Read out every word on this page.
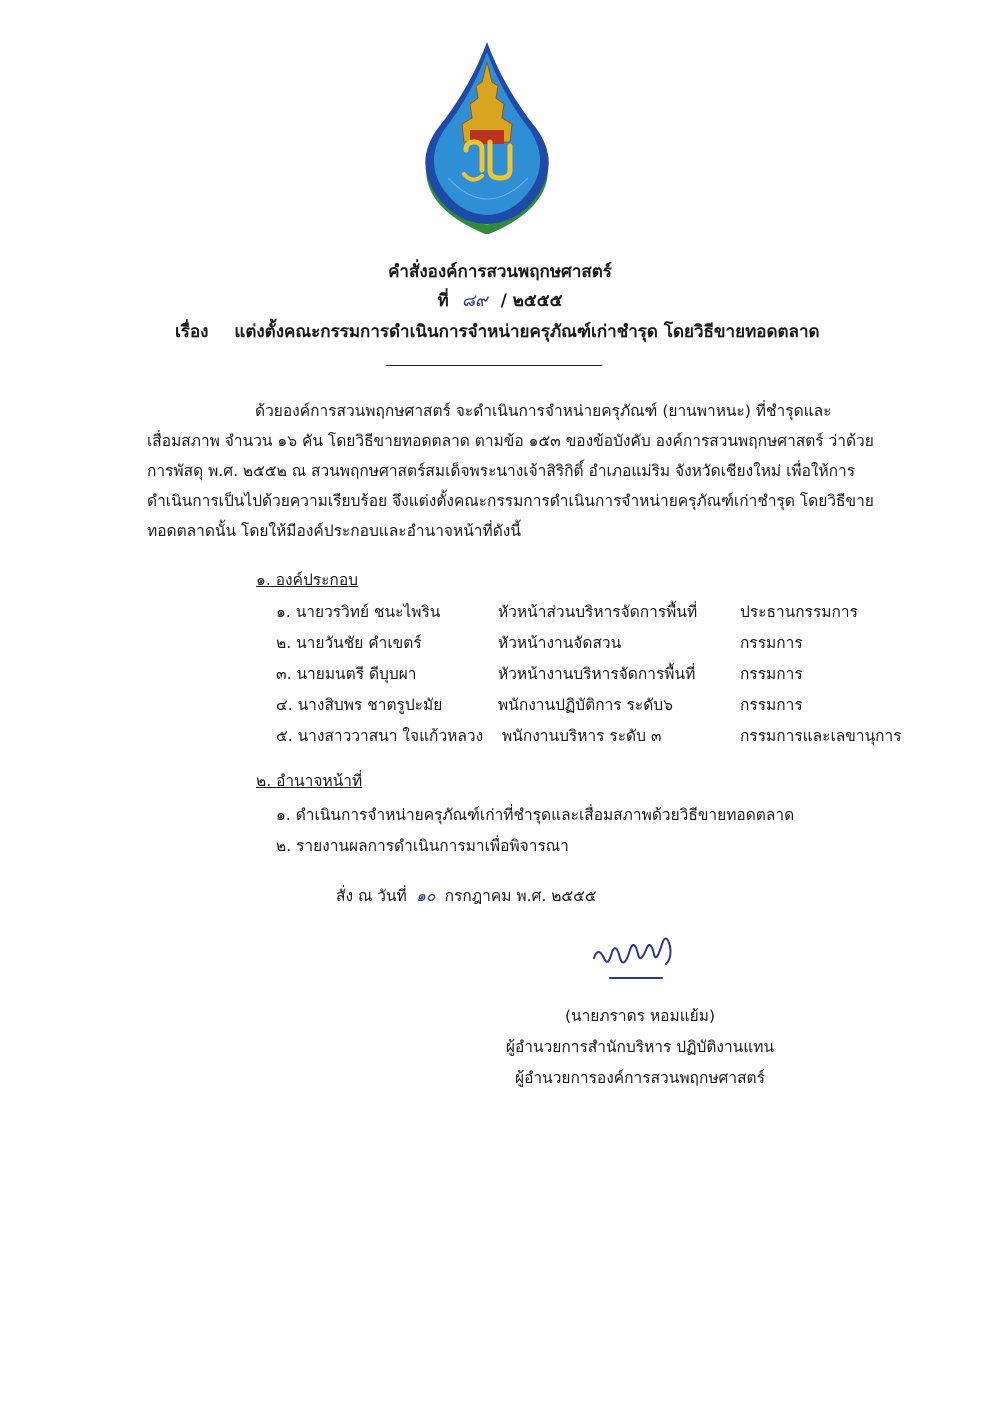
คำสั่งองค์การสวนพฤกษศาสตร์
ที่ ๘๙ / ๒๕๕๕
เรื่อง แต่งตั้งคณะกรรมการดำเนินการจำหน่ายครุภัณฑ์เก่าชำรุด โดยวิธีขายทอดตลาด
ด้วยองค์การสวนพฤกษศาสตร์ จะดำเนินการจำหน่ายครุภัณฑ์ (ยานพาหนะ) ที่ชำรุดและ
เสื่อมสภาพ จำนวน ๑๖ คัน โดยวิธีขายทอดตลาด ตามข้อ ๑๕๓ ของข้อบังคับ องค์การสวนพฤกษศาสตร์ ว่าด้วย
การพัสดุ พ.ศ. ๒๕๕๒ ณ สวนพฤกษศาสตร์สมเด็จพระนางเจ้าสิริกิติ์ อำเภอแม่ริม จังหวัดเชียงใหม่ เพื่อให้การ
ดำเนินการเป็นไปด้วยความเรียบร้อย จึงแต่งตั้งคณะกรรมการดำเนินการจำหน่ายครุภัณฑ์เก่าชำรุด โดยวิธีขาย
ทอดตลาดนั้น โดยให้มีองค์ประกอบและอำนาจหน้าที่ดังนี้
๑. องค์ประกอบ
๑. นายวรวิทย์ ชนะไพริน	หัวหน้าส่วนบริหารจัดการพื้นที่	ประธานกรรมการ
๒. นายวันชัย คำเขตร์	หัวหน้างานจัดสวน	กรรมการ
๓. นายมนตรี ดีบุบผา	หัวหน้างานบริหารจัดการพื้นที่	กรรมการ
๔. นางสิบพร ชาตรูปะมัย	พนักงานปฏิบัติการ ระดับ๖	กรรมการ
๕. นางสาววาสนา ใจแก้วหลวง พนักงานบริหาร ระดับ ๓	กรรมการและเลขานุการ
๒. อำนาจหน้าที่
๑. ดำเนินการจำหน่ายครุภัณฑ์เก่าที่ชำรุดและเสื่อมสภาพด้วยวิธีขายทอดตลาด
๒. รายงานผลการดำเนินการมาเพื่อพิจารณา
สั่ง ณ วันที่ ๑๐ กรกฎาคม พ.ศ. ๒๕๕๕
(นายภราดร หอมแย้ม)
ผู้อำนวยการสำนักบริหาร ปฏิบัติงานแทน
ผู้อำนวยการองค์การสวนพฤกษศาสตร์
